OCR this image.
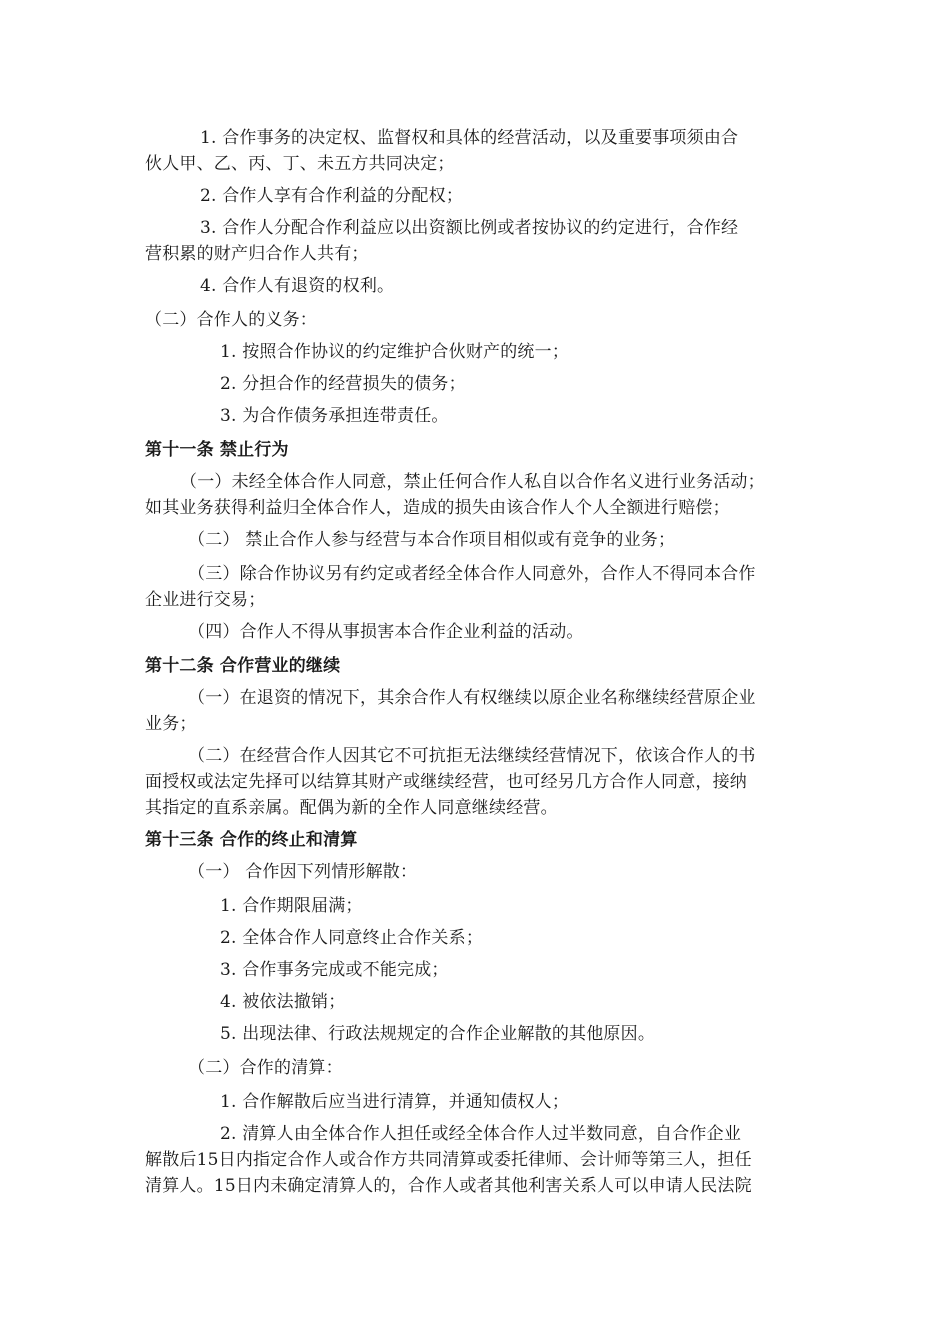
1. 合作事务的决定权、监督权和具体的经营活动，以及重要事项须由合
伙人甲、乙、丙、丁、未五方共同决定；
2. 合作人享有合作利益的分配权；
3. 合作人分配合作利益应以出资额比例或者按协议的约定进行，合作经
营积累的财产归合作人共有；
4. 合作人有退资的权利。
（二）合作人的义务：
1. 按照合作协议的约定维护合伙财产的统一；
2. 分担合作的经营损失的债务；
3. 为合作债务承担连带责任。
第十一条 禁止行为
（一）未经全体合作人同意，禁止任何合作人私自以合作名义进行业务活动；
如其业务获得利益归全体合作人，造成的损失由该合作人个人全额进行赔偿；
（二） 禁止合作人参与经营与本合作项目相似或有竞争的业务；
（三）除合作协议另有约定或者经全体合作人同意外，合作人不得同本合作
企业进行交易；
（四）合作人不得从事损害本合作企业利益的活动。
第十二条 合作营业的继续
（一）在退资的情况下，其余合作人有权继续以原企业名称继续经营原企业
业务；
（二）在经营合作人因其它不可抗拒无法继续经营情况下，依该合作人的书
面授权或法定先择可以结算其财产或继续经营，也可经另几方合作人同意，接纳
其指定的直系亲属。配偶为新的全作人同意继续经营。
第十三条 合作的终止和清算
（一） 合作因下列情形解散：
1. 合作期限届满；
2. 全体合作人同意终止合作关系；
3. 合作事务完成或不能完成；
4. 被依法撤销；
5. 出现法律、行政法规规定的合作企业解散的其他原因。
（二）合作的清算：
1. 合作解散后应当进行清算，并通知债权人；
2. 清算人由全体合作人担任或经全体合作人过半数同意，自合作企业
解散后15日内指定合作人或合作方共同清算或委托律师、会计师等第三人，担任
清算人。15日内未确定清算人的，合作人或者其他利害关系人可以申请人民法院
